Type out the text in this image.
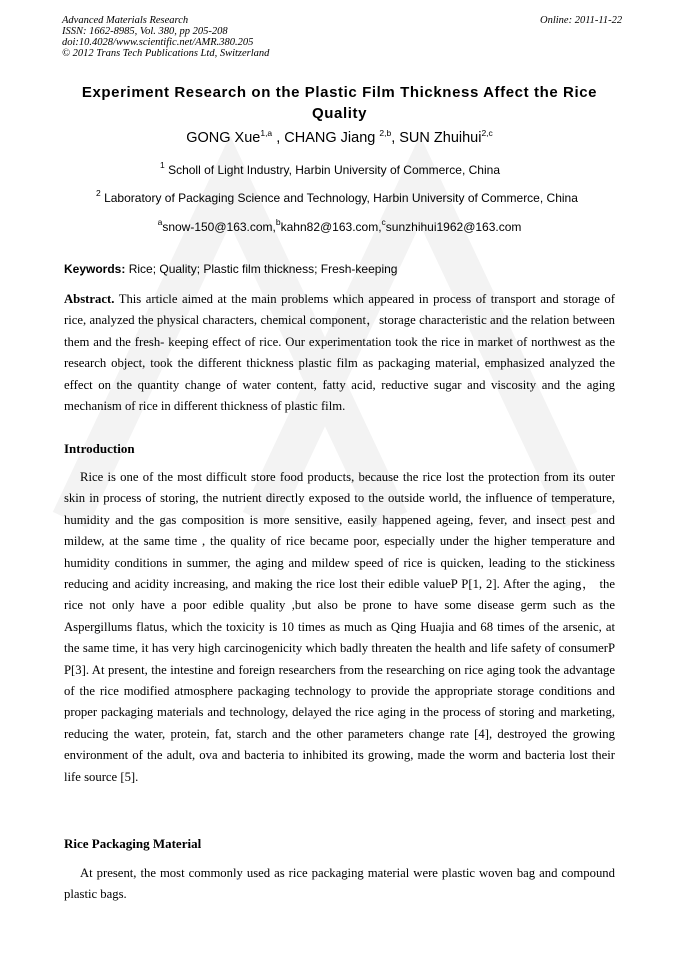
Advanced Materials Research
ISSN: 1662-8985, Vol. 380, pp 205-208
doi:10.4028/www.scientific.net/AMR.380.205
© 2012 Trans Tech Publications Ltd, Switzerland
Online: 2011-11-22
Experiment Research on the Plastic Film Thickness Affect the Rice Quality
GONG Xue$^{1,a}$ , CHANG Jiang $^{2,b}$, SUN Zhuihui$^{2,c}$
$^1$ Scholl of Light Industry, Harbin University of Commerce, China
$^2$ Laboratory of Packaging Science and Technology, Harbin University of Commerce, China
$^a$snow-150@163.com,$^b$kahn82@163.com,$^c$sunzhihui1962@163.com
Keywords: Rice; Quality; Plastic film thickness; Fresh-keeping
Abstract. This article aimed at the main problems which appeared in process of transport and storage of rice, analyzed the physical characters, chemical component，storage characteristic and the relation between them and the fresh- keeping effect of rice. Our experimentation took the rice in market of northwest as the research object, took the different thickness plastic film as packaging material, emphasized analyzed the effect on the quantity change of water content, fatty acid, reductive sugar and viscosity and the aging mechanism of rice in different thickness of plastic film.
Introduction
Rice is one of the most difficult store food products, because the rice lost the protection from its outer skin in process of storing, the nutrient directly exposed to the outside world, the influence of temperature, humidity and the gas composition is more sensitive, easily happened ageing, fever, and insect pest and mildew, at the same time , the quality of rice became poor, especially under the higher temperature and humidity conditions in summer, the aging and mildew speed of rice is quicken, leading to the stickiness reducing and acidity increasing, and making the rice lost their edible valueP P[1, 2]. After the aging， the rice not only have a poor edible quality ,but also be prone to have some disease germ such as the Aspergillums flatus, which the toxicity is 10 times as much as Qing Huajia and 68 times of the arsenic, at the same time, it has very high carcinogenicity which badly threaten the health and life safety of consumerP P[3]. At present, the intestine and foreign researchers from the researching on rice aging took the advantage of the rice modified atmosphere packaging technology to provide the appropriate storage conditions and proper packaging materials and technology, delayed the rice aging in the process of storing and marketing, reducing the water, protein, fat, starch and the other parameters change rate [4], destroyed the growing environment of the adult, ova and bacteria to inhibited its growing, made the worm and bacteria lost their life source [5].
Rice Packaging Material
At present, the most commonly used as rice packaging material were plastic woven bag and compound plastic bags.
